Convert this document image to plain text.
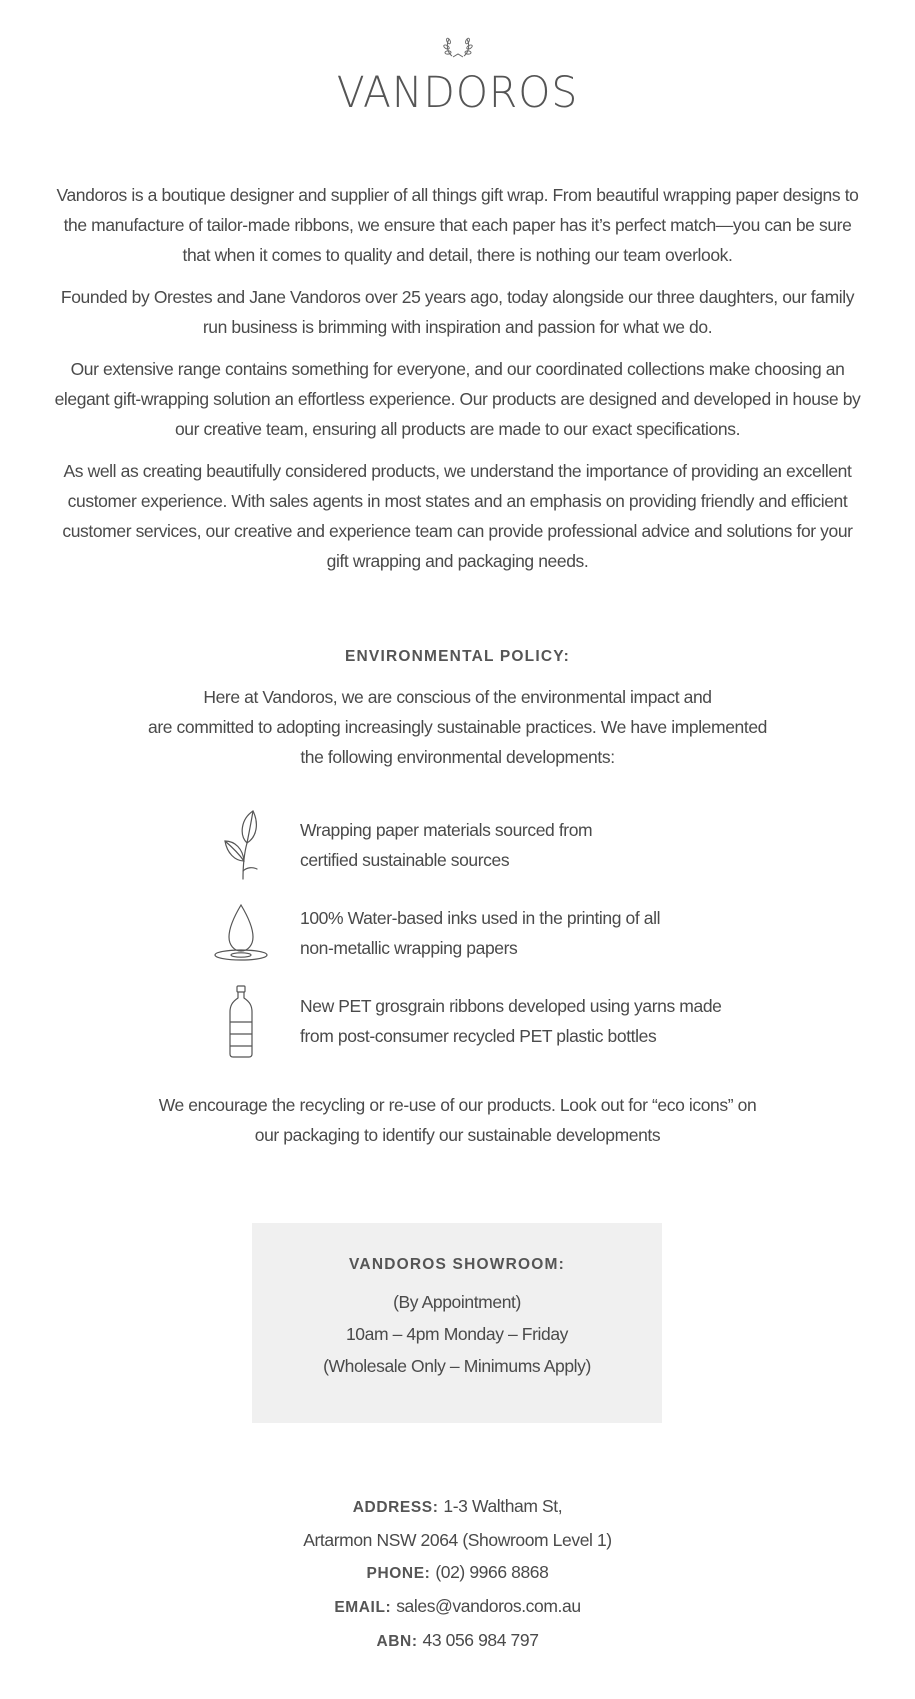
VANDOROS

Vandoros is a boutique designer and supplier of all things gift wrap. From beautiful wrapping paper designs to the manufacture of tailor-made ribbons, we ensure that each paper has it’s perfect match—you can be sure that when it comes to quality and detail, there is nothing our team overlook.

Founded by Orestes and Jane Vandoros over 25 years ago, today alongside our three daughters, our family run business is brimming with inspiration and passion for what we do.

Our extensive range contains something for everyone, and our coordinated collections make choosing an elegant gift-wrapping solution an effortless experience. Our products are designed and developed in house by our creative team, ensuring all products are made to our exact specifications.

As well as creating beautifully considered products, we understand the importance of providing an excellent customer experience. With sales agents in most states and an emphasis on providing friendly and efficient customer services, our creative and experience team can provide professional advice and solutions for your gift wrapping and packaging needs.

ENVIRONMENTAL POLICY:
Here at Vandoros, we are conscious of the environmental impact and
are committed to adopting increasingly sustainable practices. We have implemented
the following environmental developments:
Wrapping paper materials sourced from
certified sustainable sources
100% Water-based inks used in the printing of all
non-metallic wrapping papers
New PET grosgrain ribbons developed using yarns made
from post-consumer recycled PET plastic bottles
We encourage the recycling or re-use of our products. Look out for “eco icons” on
our packaging to identify our sustainable developments
VANDOROS SHOWROOM:
(By Appointment)
10am – 4pm Monday – Friday
(Wholesale Only – Minimums Apply)
ADDRESS: 1-3 Waltham St,
Artarmon NSW 2064 (Showroom Level 1)
PHONE: (02) 9966 8868
EMAIL: sales@vandoros.com.au
ABN: 43 056 984 797
